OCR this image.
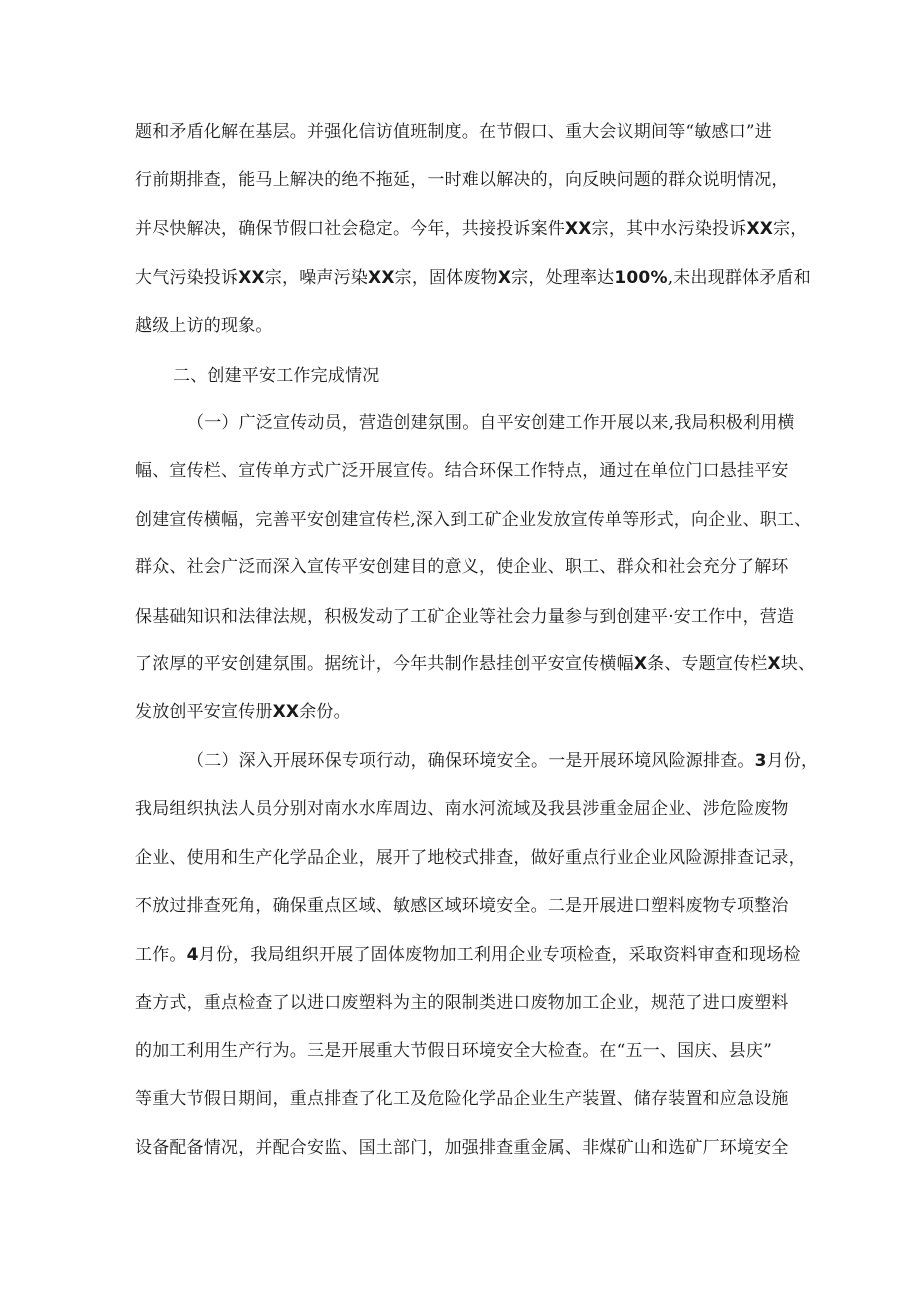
题和矛盾化解在基层。并强化信访值班制度。在节假口、重大会议期间等“敏感口”进
行前期排查，能马上解决的绝不拖延，一时难以解决的，向反映问题的群众说明情况，
并尽快解决，确保节假口社会稳定。今年，共接投诉案件XX宗，其中水污染投诉XX宗，
大气污染投诉XX宗，噪声污染XX宗，固体废物X宗，处理率达100%,未出现群体矛盾和
越级上访的现象。
二、创建平安工作完成情况
（一）广泛宣传动员，营造创建氛围。自平安创建工作开展以来,我局积极利用横
幅、宣传栏、宣传单方式广泛开展宣传。结合环保工作特点，通过在单位门口悬挂平安
创建宣传横幅，完善平安创建宣传栏,深入到工矿企业发放宣传单等形式，向企业、职工、
群众、社会广泛而深入宣传平安创建目的意义，使企业、职工、群众和社会充分了解环
保基础知识和法律法规，积极发动了工矿企业等社会力量参与到创建平·安工作中，营造
了浓厚的平安创建氛围。据统计，今年共制作悬挂创平安宣传横幅X条、专题宣传栏X块、
发放创平安宣传册XX余份。
（二）深入开展环保专项行动，确保环境安全。一是开展环境风险源排查。3月份，
我局组织执法人员分别对南水水库周边、南水河流域及我县涉重金屈企业、涉危险废物
企业、使用和生产化学品企业，展开了地校式排查，做好重点行业企业风险源排查记录，
不放过排查死角，确保重点区域、敏感区域环境安全。二是开展进口塑料废物专项整治
工作。4月份，我局组织开展了固体废物加工利用企业专项检查，采取资料审查和现场检
查方式，重点检查了以进口废塑料为主的限制类进口废物加工企业，规范了进口废塑料
的加工利用生产行为。三是开展重大节假日环境安全大检查。在“五一、国庆、县庆”
等重大节假日期间，重点排查了化工及危险化学品企业生产装置、储存装置和应急设施
设备配备情况，并配合安监、国土部门，加强排查重金属、非煤矿山和选矿厂环境安全
